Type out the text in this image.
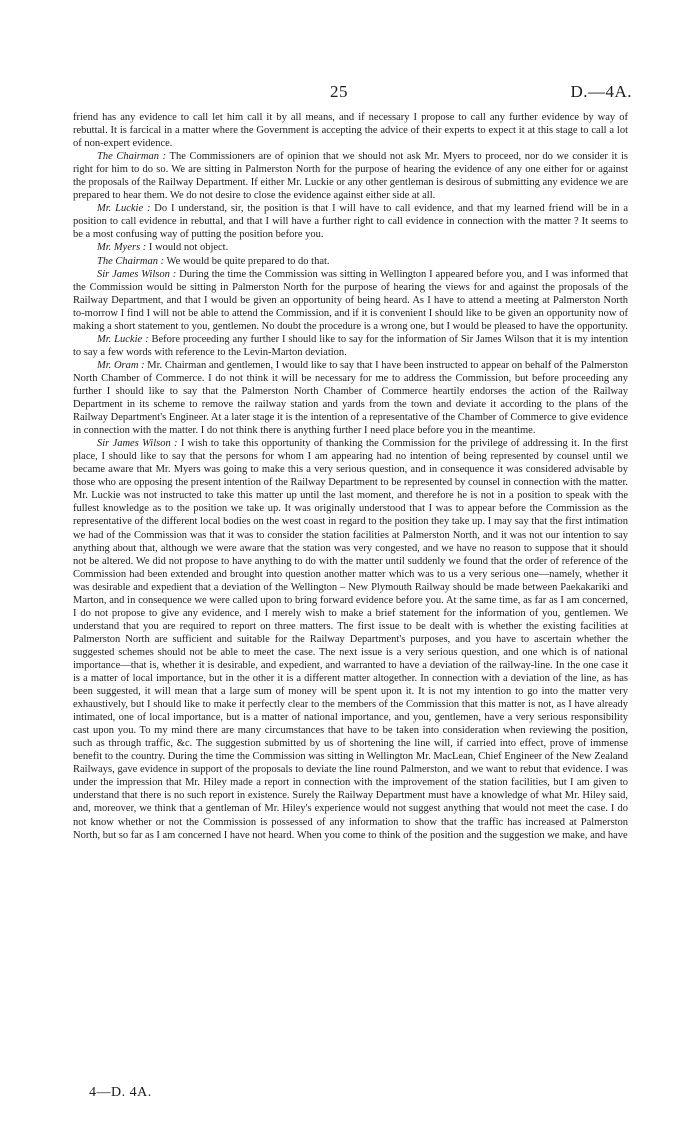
25	D.—4A.

friend has any evidence to call let him call it by all means, and if necessary I propose to call any further evidence by way of rebuttal. It is farcical in a matter where the Government is accepting the advice of their experts to expect it at this stage to call a lot of non-expert evidence.

The Chairman : The Commissioners are of opinion that we should not ask Mr. Myers to proceed, nor do we consider it is right for him to do so. We are sitting in Palmerston North for the purpose of hearing the evidence of any one either for or against the proposals of the Railway Department. If either Mr. Luckie or any other gentleman is desirous of submitting any evidence we are prepared to hear them. We do not desire to close the evidence against either side at all.

Mr. Luckie : Do I understand, sir, the position is that I will have to call evidence, and that my learned friend will be in a position to call evidence in rebuttal, and that I will have a further right to call evidence in connection with the matter ? It seems to be a most confusing way of putting the position before you.

Mr. Myers : I would not object.

The Chairman : We would be quite prepared to do that.

Sir James Wilson : During the time the Commission was sitting in Wellington I appeared before you, and I was informed that the Commission would be sitting in Palmerston North for the purpose of hearing the views for and against the proposals of the Railway Department, and that I would be given an opportunity of being heard. As I have to attend a meeting at Palmerston North to-morrow I find I will not be able to attend the Commission, and if it is convenient I should like to be given an opportunity now of making a short statement to you, gentlemen. No doubt the procedure is a wrong one, but I would be pleased to have the opportunity.

Mr. Luckie : Before proceeding any further I should like to say for the information of Sir James Wilson that it is my intention to say a few words with reference to the Levin-Marton deviation.

Mr. Oram : Mr. Chairman and gentlemen, I would like to say that I have been instructed to appear on behalf of the Palmerston North Chamber of Commerce. I do not think it will be necessary for me to address the Commission, but before proceeding any further I should like to say that the Palmerston North Chamber of Commerce heartily endorses the action of the Railway Department in its scheme to remove the railway station and yards from the town and deviate it according to the plans of the Railway Department's Engineer. At a later stage it is the intention of a representative of the Chamber of Commerce to give evidence in connection with the matter. I do not think there is anything further I need place before you in the meantime.

Sir James Wilson : I wish to take this opportunity of thanking the Commission for the privilege of addressing it. In the first place, I should like to say that the persons for whom I am appearing had no intention of being represented by counsel until we became aware that Mr. Myers was going to make this a very serious question, and in consequence it was considered advisable by those who are opposing the present intention of the Railway Department to be represented by counsel in connection with the matter. Mr. Luckie was not instructed to take this matter up until the last moment, and therefore he is not in a position to speak with the fullest knowledge as to the position we take up. It was originally understood that I was to appear before the Commission as the representative of the different local bodies on the west coast in regard to the position they take up. I may say that the first intimation we had of the Commission was that it was to consider the station facilities at Palmerston North, and it was not our intention to say anything about that, although we were aware that the station was very congested, and we have no reason to suppose that it should not be altered. We did not propose to have anything to do with the matter until suddenly we found that the order of reference of the Commission had been extended and brought into question another matter which was to us a very serious one—namely, whether it was desirable and expedient that a deviation of the Wellington – New Plymouth Railway should be made between Paekakariki and Marton, and in consequence we were called upon to bring forward evidence before you. At the same time, as far as I am concerned, I do not propose to give any evidence, and I merely wish to make a brief statement for the information of you, gentlemen. We understand that you are required to report on three matters. The first issue to be dealt with is whether the existing facilities at Palmerston North are sufficient and suitable for the Railway Department's purposes, and you have to ascertain whether the suggested schemes should not be able to meet the case. The next issue is a very serious question, and one which is of national importance—that is, whether it is desirable, and expedient, and warranted to have a deviation of the railway-line. In the one case it is a matter of local importance, but in the other it is a different matter altogether. In connection with a deviation of the line, as has been suggested, it will mean that a large sum of money will be spent upon it. It is not my intention to go into the matter very exhaustively, but I should like to make it perfectly clear to the members of the Commission that this matter is not, as I have already intimated, one of local importance, but is a matter of national importance, and you, gentlemen, have a very serious responsibility cast upon you. To my mind there are many circumstances that have to be taken into consideration when reviewing the position, such as through traffic, &c. The suggestion submitted by us of shortening the line will, if carried into effect, prove of immense benefit to the country. During the time the Commission was sitting in Wellington Mr. MacLean, Chief Engineer of the New Zealand Railways, gave evidence in support of the proposals to deviate the line round Palmerston, and we want to rebut that evidence. I was under the impression that Mr. Hiley made a report in connection with the improvement of the station facilities, but I am given to understand that there is no such report in existence. Surely the Railway Department must have a knowledge of what Mr. Hiley said, and, moreover, we think that a gentleman of Mr. Hiley's experience would not suggest anything that would not meet the case. I do not know whether or not the Commission is possessed of any information to show that the traffic has increased at Palmerston North, but so far as I am concerned I have not heard. When you come to think of the position and the suggestion we make, and have

4—D. 4A.
